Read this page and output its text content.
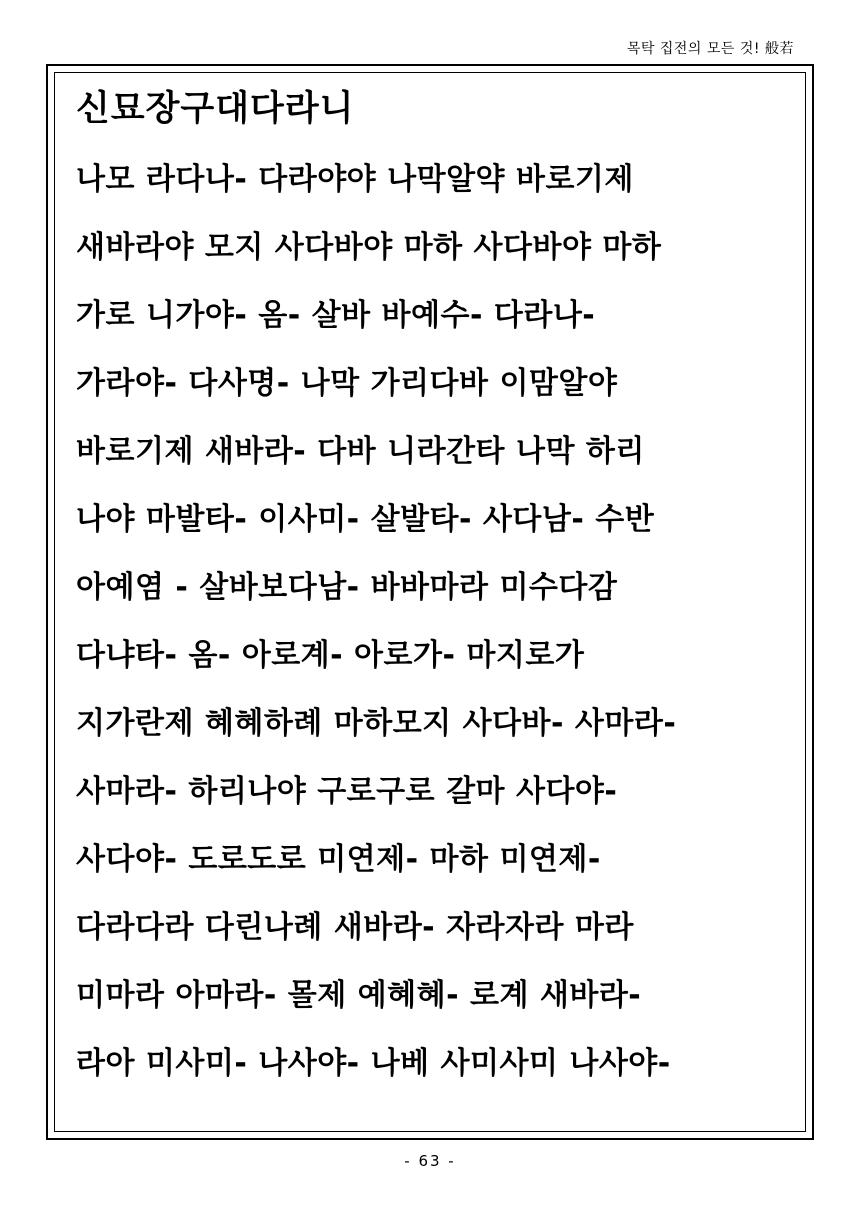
목탁 집전의 모든 것! 般若
신묘장구대다라니
나모 라다나- 다라야야 나막알약 바로기제
새바라야 모지 사다바야 마하 사다바야 마하
가로 니가야- 옴- 살바 바예수- 다라나-
가라야- 다사명- 나막 가리다바 이맘알야
바로기제 새바라- 다바 니라간타 나막 하리
나야 마발타- 이사미- 살발타- 사다남- 수반
아예염 - 살바보다남- 바바마라 미수다감
다냐타- 옴- 아로계- 아로가- 마지로가
지가란제 혜혜하례 마하모지 사다바- 사마라-
사마라- 하리나야 구로구로 갈마 사다야-
사다야- 도로도로 미연제- 마하 미연제-
다라다라 다린나례 새바라- 자라자라 마라
미마라 아마라- 몰제 예혜혜- 로계 새바라-
라아 미사미- 나사야- 나베 사미사미 나사야-
- 63 -
